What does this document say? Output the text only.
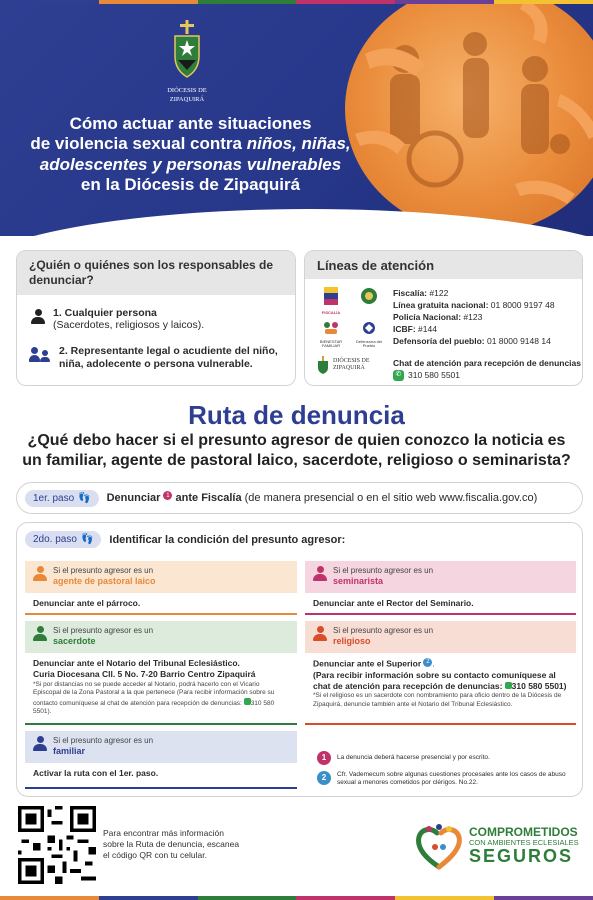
DIÓCESIS DE
ZIPAQUIRÁ
Cómo actuar ante situaciones
de violencia sexual contra niños, niñas,
adolescentes y personas vulnerables
en la Diócesis de Zipaquirá
¿Quién o quiénes son los responsables de denunciar?
1. Cualquier persona
(Sacerdotes, religiosos y laicos).
2. Representante legal o acudiente del niño, niña, adolecente o persona vulnerable.
Líneas de atención
FISCALÍA
BIENESTAR FAMILIAR
Defensoría del Pueblo
DIÓCESIS DE
ZIPAQUIRÁ
Fiscalía: #122
Línea gratuita nacional: 01 8000 9197 48
Policía Nacional: #123
ICBF: #144
Defensoría del pueblo: 01 8000 9148 14
Chat de atención para recepción de denuncias
✆ 310 580 5501
Ruta de denuncia
¿Qué debo hacer si el presunto agresor de quien conozco la noticia es un familiar, agente de pastoral laico, sacerdote, religioso o seminarista?
1er. paso 👣 Denunciar 1 ante Fiscalía (de manera presencial o en el sitio web www.fiscalia.gov.co)
2do. paso 👣 Identificar la condición del presunto agresor:
Si el presunto agresor es un
agente de pastoral laico
Denunciar ante el párroco.
Si el presunto agresor es un
seminarista
Denunciar ante el Rector del Seminario.
Si el presunto agresor es un
sacerdote
Denunciar ante el Notario del Tribunal Eclesiástico.
Curia Diocesana Cll. 5 No. 7-20 Barrio Centro Zipaquirá
*Si por distancias no se puede acceder al Notario, podrá hacerlo con el Vicario Episcopal de la Zona Pastoral a la que pertenece (Para recibir información sobre su contacto comuníquese al chat de atención para recepción de denuncias: 310 580 5501).
Si el presunto agresor es un
religioso
Denunciar ante el Superior 2 .
(Para recibir información sobre su contacto comuníquese al chat de atención para recepción de denuncias: 310 580 5501)
*Si el religioso es un sacerdote con nombramiento para oficio dentro de la Diócesis de Zipaquirá, denuncie también ante el Notario del Tribunal Eclesiástico.
Si el presunto agresor es un
familiar
Activar la ruta con el 1er. paso.
1	La denuncia deberá hacerse presencial y por escrito.
2	Cfr. Vademecum sobre algunas cuestiones procesales ante los casos de abuso sexual a menores cometidos por clérigos. No.22.
Para encontrar más información sobre la Ruta de denuncia, escanea el código QR con tu celular.
COMPROMETIDOS
CON AMBIENTES ECLESIALES
SEGUROS
